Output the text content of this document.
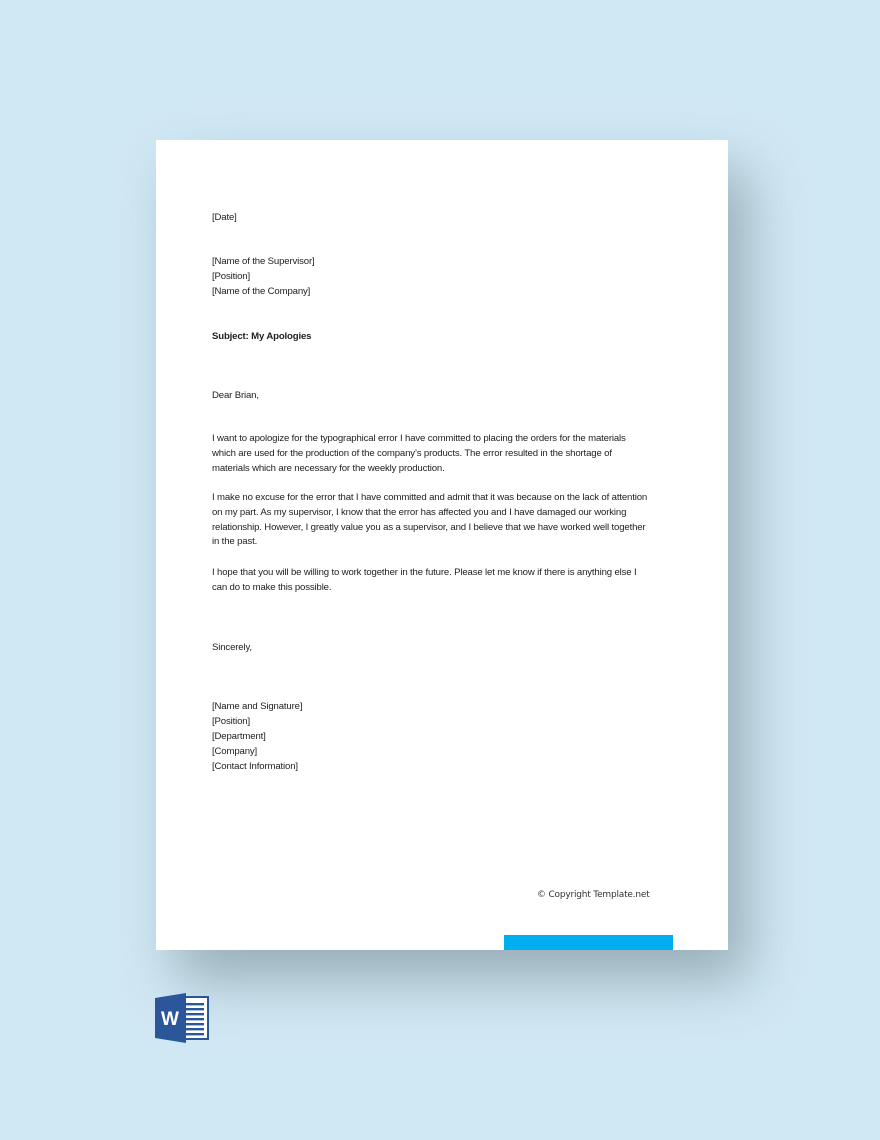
[Date]
[Name of the Supervisor]
[Position]
[Name of the Company]
Subject: My Apologies
Dear Brian,
I want to apologize for the typographical error I have committed to placing the orders for the materials which are used for the production of the company’s products. The error resulted in the shortage of materials which are necessary for the weekly production.
I make no excuse for the error that I have committed and admit that it was because on the lack of attention on my part. As my supervisor, I know that the error has affected you and I have damaged our working relationship. However, I greatly value you as a supervisor, and I believe that we have worked well together in the past.
I hope that you will be willing to work together in the future. Please let me know if there is anything else I can do to make this possible.
Sincerely,
[Name and Signature]
[Position]
[Department]
[Company]
[Contact Information]
© Copyright Template.net
W
